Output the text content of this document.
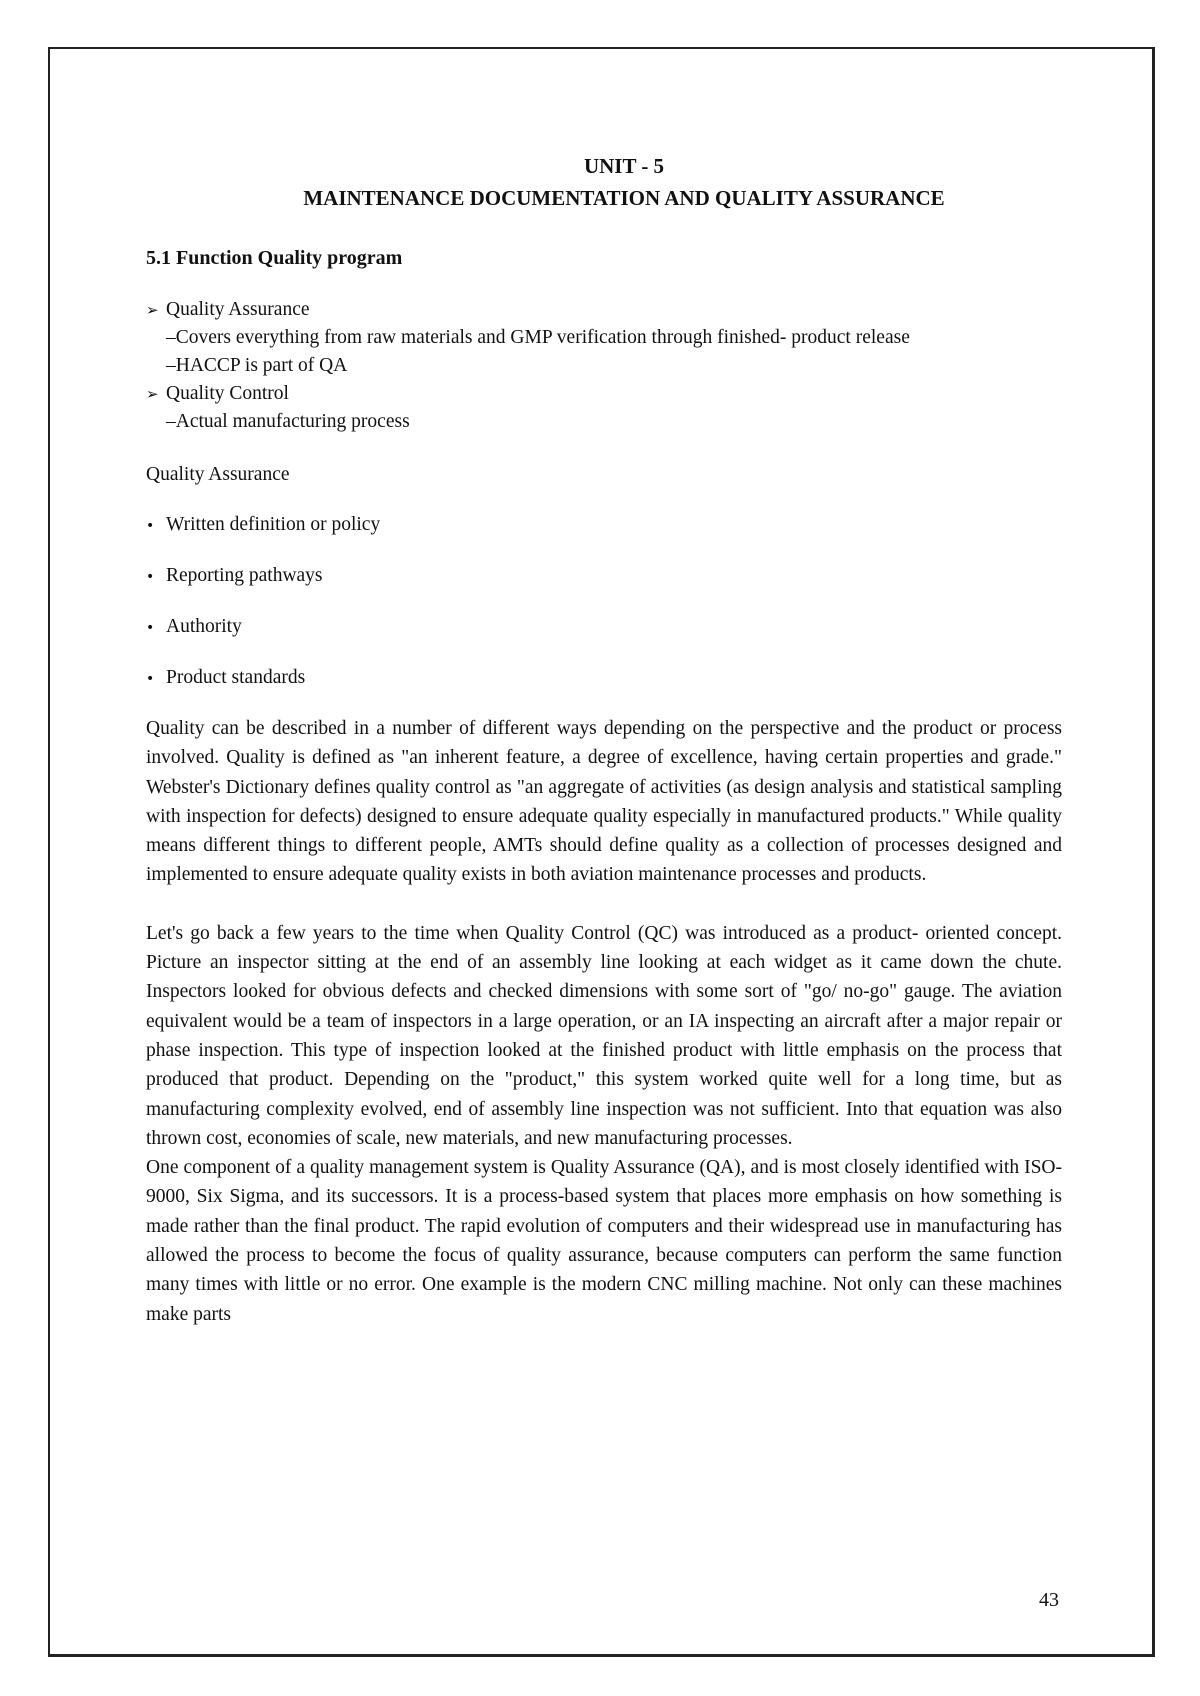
UNIT - 5
MAINTENANCE DOCUMENTATION AND QUALITY ASSURANCE
5.1 Function Quality program
➢ Quality Assurance
–Covers everything from raw materials and GMP verification through finished- product release
–HACCP is part of QA
➢ Quality Control
–Actual manufacturing process
Quality Assurance
• Written definition or policy
• Reporting pathways
• Authority
• Product standards

Quality can be described in a number of different ways depending on the perspective and the product or process involved. Quality is defined as "an inherent feature, a degree of excellence, having certain properties and grade." Webster's Dictionary defines quality control as "an aggregate of activities (as design analysis and statistical sampling with inspection for defects) designed to ensure adequate quality especially in manufactured products." While quality means different things to different people, AMTs should define quality as a collection of processes designed and implemented to ensure adequate quality exists in both aviation maintenance processes and products.

Let's go back a few years to the time when Quality Control (QC) was introduced as a product- oriented concept. Picture an inspector sitting at the end of an assembly line looking at each widget as it came down the chute. Inspectors looked for obvious defects and checked dimensions with some sort of "go/ no-go" gauge. The aviation equivalent would be a team of inspectors in a large operation, or an IA inspecting an aircraft after a major repair or phase inspection. This type of inspection looked at the finished product with little emphasis on the process that produced that product. Depending on the "product," this system worked quite well for a long time, but as manufacturing complexity evolved, end of assembly line inspection was not sufficient. Into that equation was also thrown cost, economies of scale, new materials, and new manufacturing processes.

One component of a quality management system is Quality Assurance (QA), and is most closely identified with ISO-9000, Six Sigma, and its successors. It is a process-based system that places more emphasis on how something is made rather than the final product. The rapid evolution of computers and their widespread use in manufacturing has allowed the process to become the focus of quality assurance, because computers can perform the same function many times with little or no error. One example is the modern CNC milling machine. Not only can these machines make parts

43
